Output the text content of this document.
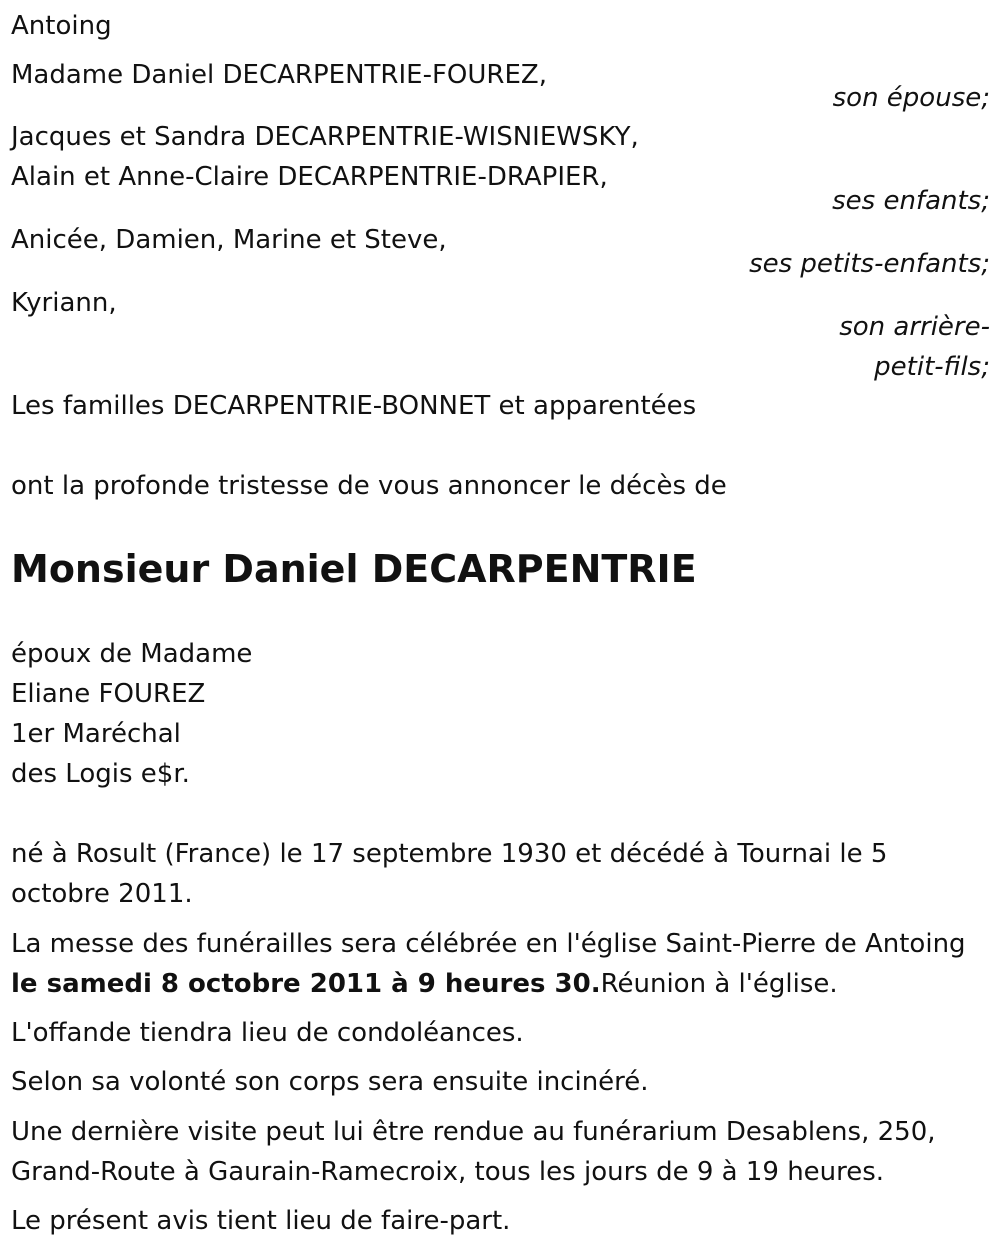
Antoing
Madame Daniel DECARPENTRIE-FOUREZ,
son épouse;
Jacques et Sandra DECARPENTRIE-WISNIEWSKY,
Alain et Anne-Claire DECARPENTRIE-DRAPIER,
ses enfants;
Anicée, Damien, Marine et Steve,
ses petits-enfants;
Kyriann,
son arrière-
petit-fils;
Les familles DECARPENTRIE-BONNET et apparentées
ont la profonde tristesse de vous annoncer le décès de
Monsieur Daniel DECARPENTRIE
époux de Madame
Eliane FOUREZ
1er Maréchal
des Logis e$r.
né à Rosult (France) le 17 septembre 1930 et décédé à Tournai le 5 octobre 2011.
La messe des funérailles sera célébrée en l'église Saint-Pierre de Antoing le samedi 8 octobre 2011 à 9 heures 30.Réunion à l'église.
L'offande tiendra lieu de condoléances.
Selon sa volonté son corps sera ensuite incinéré.
Une dernière visite peut lui être rendue au funérarium Desablens, 250, Grand-Route à Gaurain-Ramecroix, tous les jours de 9 à 19 heures.
Le présent avis tient lieu de faire-part.
